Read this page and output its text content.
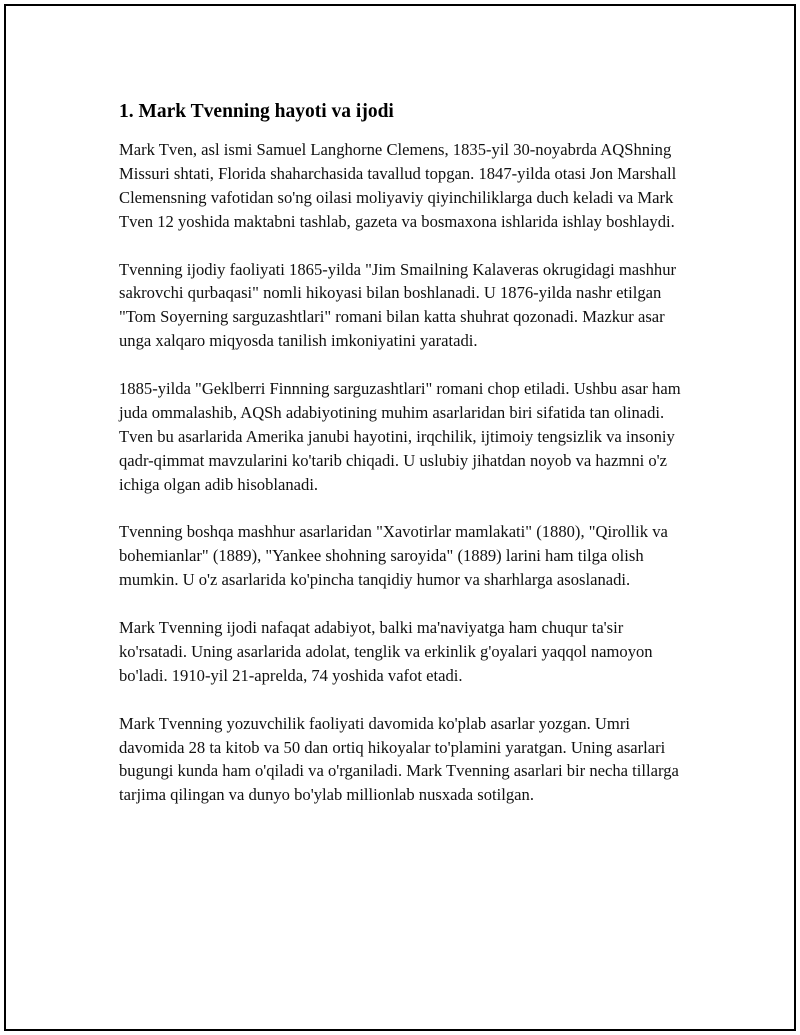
1. Mark Tvenning hayoti va ijodi

Mark Tven, asl ismi Samuel Langhorne Clemens, 1835-yil 30-noyabrda AQShning Missuri shtati, Florida shaharchasida tavallud topgan. 1847-yilda otasi Jon Marshall Clemensning vafotidan so'ng oilasi moliyaviy qiyinchiliklarga duch keladi va Mark Tven 12 yoshida maktabni tashlab, gazeta va bosmaxona ishlarida ishlay boshlaydi.

Tvenning ijodiy faoliyati 1865-yilda "Jim Smailning Kalaveras okrugidagi mashhur sakrovchi qurbaqasi" nomli hikoyasi bilan boshlanadi. U 1876-yilda nashr etilgan "Tom Soyerning sarguzashtlari" romani bilan katta shuhrat qozonadi. Mazkur asar unga xalqaro miqyosda tanilish imkoniyatini yaratadi.

1885-yilda "Geklberri Finnning sarguzashtlari" romani chop etiladi. Ushbu asar ham juda ommalashib, AQSh adabiyotining muhim asarlaridan biri sifatida tan olinadi. Tven bu asarlarida Amerika janubi hayotini, irqchilik, ijtimoiy tengsizlik va insoniy qadr-qimmat mavzularini ko'tarib chiqadi. U uslubiy jihatdan noyob va hazmni o'z ichiga olgan adib hisoblanadi.

Tvenning boshqa mashhur asarlaridan "Xavotirlar mamlakati" (1880), "Qirollik va bohemianlar" (1889), "Yankee shohning saroyida" (1889) larini ham tilga olish mumkin. U o'z asarlarida ko'pincha tanqidiy humor va sharhlarga asoslanadi.

Mark Tvenning ijodi nafaqat adabiyot, balki ma'naviyatga ham chuqur ta'sir ko'rsatadi. Uning asarlarida adolat, tenglik va erkinlik g'oyalari yaqqol namoyon bo'ladi. 1910-yil 21-aprelda, 74 yoshida vafot etadi.

Mark Tvenning yozuvchilik faoliyati davomida ko'plab asarlar yozgan. Umri davomida 28 ta kitob va 50 dan ortiq hikoyalar to'plamini yaratgan. Uning asarlari bugungi kunda ham o'qiladi va o'rganiladi. Mark Tvenning asarlari bir necha tillarga tarjima qilingan va dunyo bo'ylab millionlab nusxada sotilgan.
